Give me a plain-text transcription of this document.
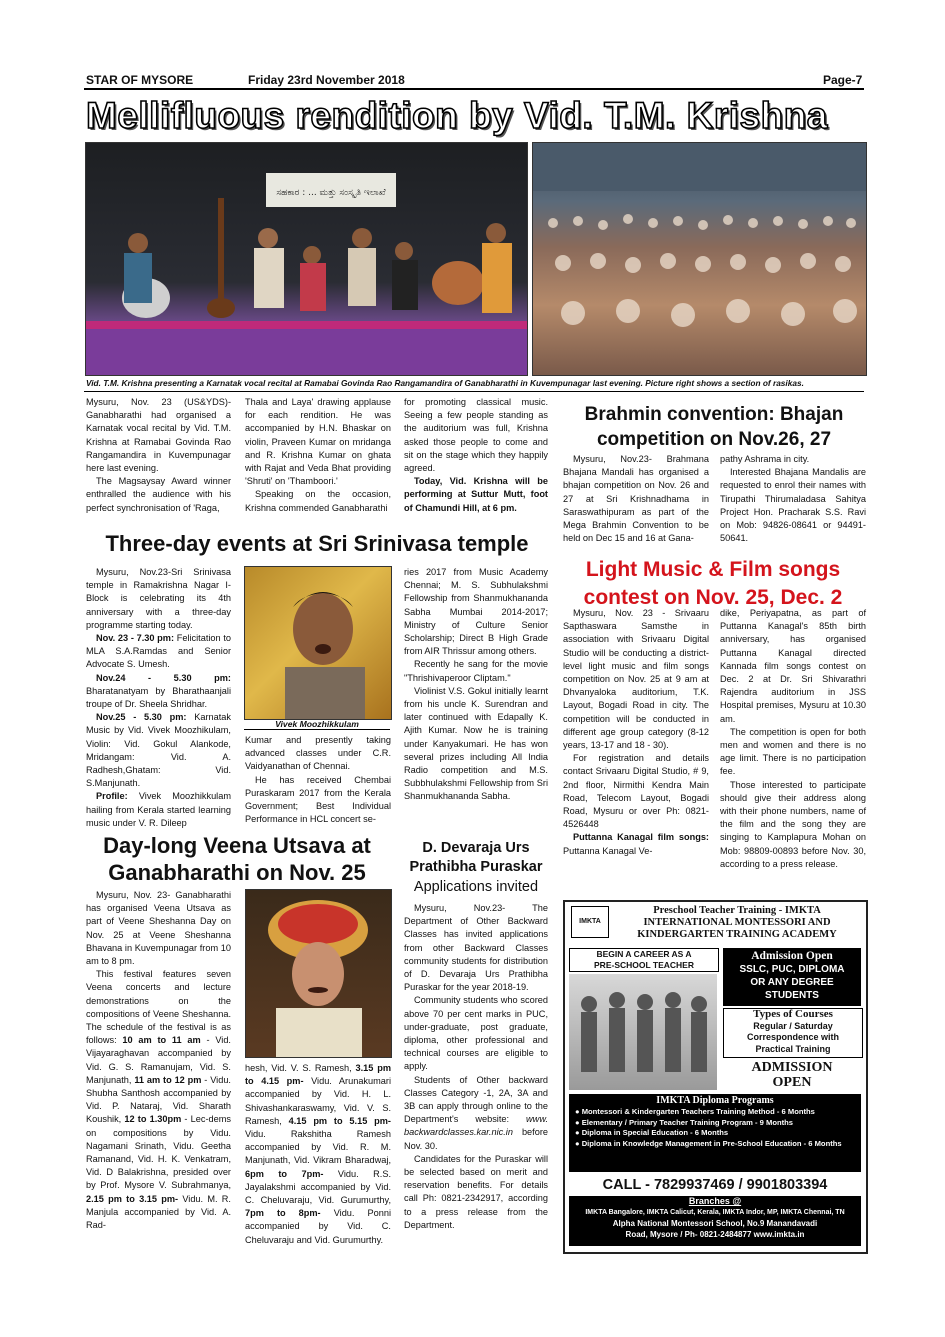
STAR OF MYSORE	Friday 23rd November 2018	Page-7
Mellifluous rendition by Vid. T.M. Krishna
ಸಹಕಾರ : ... ಮತ್ತು ಸಂಸ್ಕೃತಿ ಇಲಾಖೆ
Vid. T.M. Krishna presenting a Karnatak vocal recital at Ramabai Govinda Rao Rangamandira of Ganabharathi in Kuvempunagar last evening. Picture right shows a section of rasikas.

Mysuru, Nov. 23 (US&YDS)- Ganabharathi had organised a Karnatak vocal recital by Vid. T.M. Krishna at Ramabai Govinda Rao Rangamandira in Kuvempunagar here last evening.

The Magsaysay Award winner enthralled the audience with his perfect synchronisation of 'Raga,

Thala and Laya' drawing applause for each rendition. He was accompanied by H.N. Bhaskar on violin, Praveen Kumar on mridanga and R. Krishna Kumar on ghata with Rajat and Veda Bhat providing 'Shruti' on 'Thamboori.'

Speaking on the occasion, Krishna commended Ganabharathi

for promoting classical music. Seeing a few people standing as the auditorium was full, Krishna asked those people to come and sit on the stage which they happily agreed.

Today, Vid. Krishna will be performing at Suttur Mutt, foot of Chamundi Hill, at 6 pm.

Brahmin convention: Bhajan competition on Nov.26, 27

Mysuru, Nov.23- Brahmana Bhajana Mandali has organised a bhajan competition on Nov. 26 and 27 at Sri Krishnadhama in Saraswathipuram as part of the Mega Brahmin Convention to be held on Dec 15 and 16 at Gana-

pathy Ashrama in city.

Interested Bhajana Mandalis are requested to enrol their names with Tirupathi Thirumaladasa Sahitya Project Hon. Pracharak S.S. Ravi on Mob: 94826-08641 or 94491-50641.

Three-day events at Sri Srinivasa temple

Mysuru, Nov.23-Sri Srinivasa temple in Ramakrishna Nagar I-Block is celebrating its 4th anniversary with a three-day programme starting today.

Nov. 23 - 7.30 pm: Felicitation to MLA S.A.Ramdas and Senior Advocate S. Umesh.

Nov.24 - 5.30 pm: Bharatanatyam by Bharathaanjali troupe of Dr. Sheela Shridhar.

Nov.25 - 5.30 pm: Karnatak Music by Vid. Vivek Moozhikulam, Violin: Vid. Gokul Alankode, Mridangam: Vid. A. Radhesh,Ghatam: Vid. S.Manjunath.

Profile: Vivek Moozhikkulam hailing from Kerala started learning music under V. R. Dileep

Vivek Moozhikkulam

Kumar and presently taking advanced classes under C.R. Vaidyanathan of Chennai.

He has received Chembai Puraskaram 2017 from the Kerala Government; Best Individual Performance in HCL concert se-

ries 2017 from Music Academy Chennai; M. S. Subhulakshmi Fellowship from Shanmukhananda Sabha Mumbai 2014-2017; Ministry of Culture Senior Scholarship; Direct B High Grade from AIR Thrissur among others.

Recently he sang for the movie "Thrishivaperoor Cliptam."

Violinist V.S. Gokul initially learnt from his uncle K. Surendran and later continued with Edapally K. Ajith Kumar. Now he is training under Kanyakumari. He has won several prizes including All India Radio competition and M.S. Subbhulakshmi Fellowship from Sri Shanmukhananda Sabha.

Light Music & Film songs contest on Nov. 25, Dec. 2

Mysuru, Nov. 23 - Srivaaru Sapthaswara Samsthe in association with Srivaaru Digital Studio will be conducting a district-level light music and film songs competition on Nov. 25 at 9 am at Dhvanyaloka auditorium, T.K. Layout, Bogadi Road in city. The competition will be conducted in different age group category (8-12 years, 13-17 and 18 - 30).

For registration and details contact Srivaaru Digital Studio, # 9, 2nd floor, Nirmithi Kendra Main Road, Telecom Layout, Bogadi Road, Mysuru or over Ph: 0821-4526448

Puttanna Kanagal film songs: Puttanna Kanagal Ve-

dike, Periyapatna, as part of Puttanna Kanagal's 85th birth anniversary, has organised Puttanna Kanagal directed Kannada film songs contest on Dec. 2 at Dr. Sri Shivarathri Rajendra auditorium in JSS Hospital premises, Mysuru at 10.30 am.

The competition is open for both men and women and there is no age limit. There is no participation fee.

Those interested to participate should give their address along with their phone numbers, name of the film and the song they are singing to Kamplapura Mohan on Mob: 98809-00893 before Nov. 30, according to a press release.

Day-long Veena Utsava at Ganabharathi on Nov. 25

Mysuru, Nov. 23- Ganabharathi has organised Veena Utsava as part of Veene Sheshanna Day on Nov. 25 at Veene Sheshanna Bhavana in Kuvempunagar from 10 am to 8 pm.

This festival features seven Veena concerts and lecture demonstrations on the compositions of Veene Sheshanna. The schedule of the festival is as follows: 10 am to 11 am - Vid. Vijayaraghavan accompanied by Vid. G. S. Ramanujam, Vid. S. Manjunath, 11 am to 12 pm - Vidu. Shubha Santhosh accompanied by Vid. P. Nataraj, Vid. Sharath Koushik, 12 to 1.30pm - Lec-dems on compositions by Vidu. Nagamani Srinath, Vidu. Geetha Ramanand, Vid. H. K. Venkatram, Vid. D Balakrishna, presided over by Prof. Mysore V. Subrahmanya, 2.15 pm to 3.15 pm- Vidu. M. R. Manjula accompanied by Vid. A. Rad-

hesh, Vid. V. S. Ramesh, 3.15 pm to 4.15 pm- Vidu. Arunakumari accompanied by Vid. H. L. Shivashankaraswamy, Vid. V. S. Ramesh, 4.15 pm to 5.15 pm- Vidu. Rakshitha Ramesh accompanied by Vid. R. M. Manjunath, Vid. Vikram Bharadwaj, 6pm to 7pm- Vidu. R.S. Jayalakshmi accompanied by Vid. C. Cheluvaraju, Vid. Gurumurthy, 7pm to 8pm- Vidu. Ponni accompanied by Vid. C. Cheluvaraju and Vid. Gurumurthy.

D. Devaraja Urs
Prathibha Puraskar
Applications invited

Mysuru, Nov.23- The Department of Other Backward Classes has invited applications from other Backward Classes community students for distribution of D. Devaraja Urs Prathibha Puraskar for the year 2018-19.

Community students who scored above 70 per cent marks in PUC, under-graduate, post graduate, diploma, other professional and technical courses are eligible to apply.

Students of Other backward Classes Category -1, 2A, 3A and 3B can apply through online to the Department's website: www. backwardclasses.kar.nic.in before Nov. 30.

Candidates for the Puraskar will be selected based on merit and reservation benefits. For details call Ph: 0821-2342917, according to a press release from the Department.

IMKTA
Preschool Teacher Training - IMKTA
INTERNATIONAL MONTESSORI AND
KINDERGARTEN TRAINING ACADEMY
BEGIN A CAREER AS A
PRE-SCHOOL TEACHER
Admission Open
SSLC, PUC, DIPLOMA
OR ANY DEGREE
STUDENTS
Types of Courses
Regular / Saturday
Correspondence with
Practical Training
ADMISSION
OPEN
IMKTA Diploma Programs
● Montessori & Kindergarten Teachers Training Method - 6 Months
● Elementary / Primary Teacher Training Program - 9 Months
● Diploma in Special Education - 6 Months
● Diploma in Knowledge Management in Pre-School Education - 6 Months
CALL - 7829937469 / 9901803394
Branches @
IMKTA Bangalore, IMKTA Calicut, Kerala, IMKTA Indor, MP, IMKTA Chennai, TN
Alpha National Montessori School, No.9 Manandavadi
Road, Mysore / Ph- 0821-2484877 www.imkta.in
